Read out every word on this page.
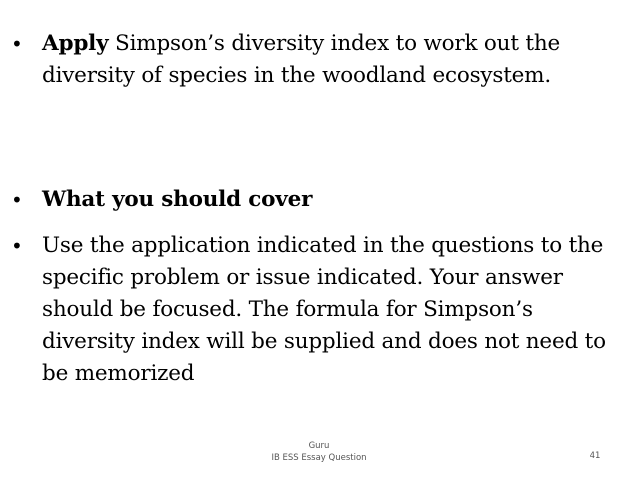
• Apply Simpson’s diversity index to work out the diversity of species in the woodland ecosystem.
• What you should cover
• Use the application indicated in the questions to the specific problem or issue indicated. Your answer should be focused. The formula for Simpson’s diversity index will be supplied and does not need to be memorized
Guru
IB ESS Essay Question	41
